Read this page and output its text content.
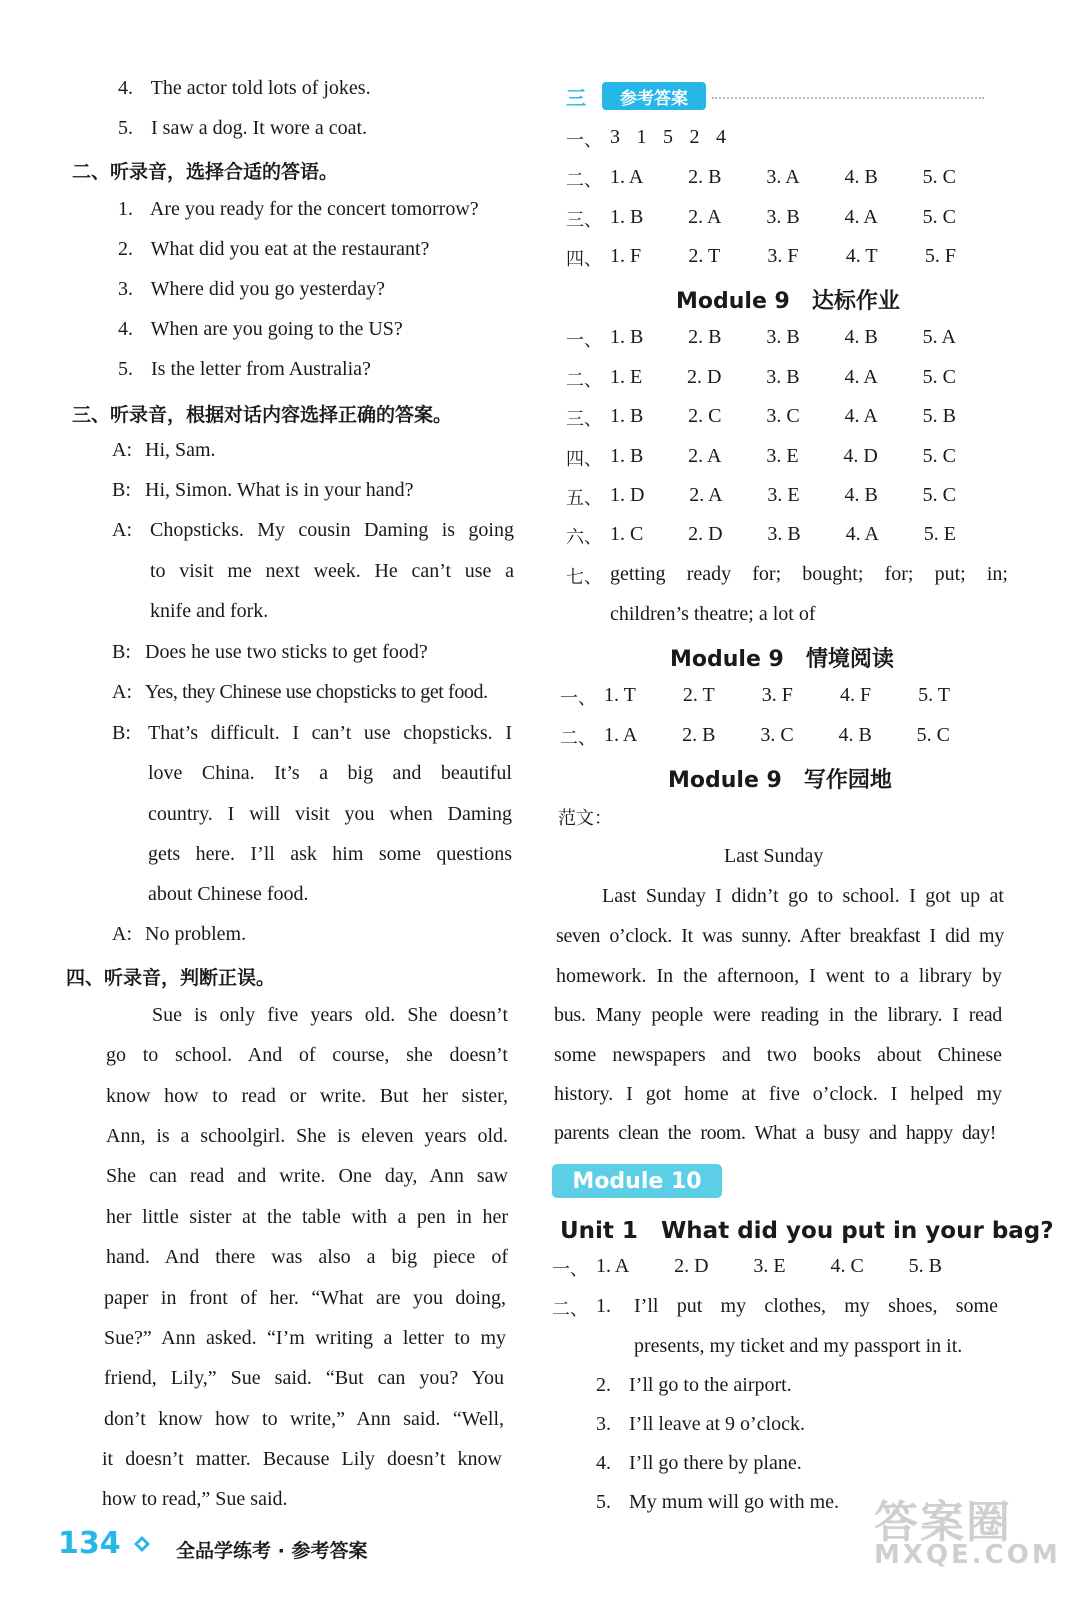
4. The actor told lots of jokes.
5. I saw a dog. It wore a coat.
二、听录音，选择合适的答语。
1. Are you ready for the concert tomorrow?
2. What did you eat at the restaurant?
3. Where did you go yesterday?
4. When are you going to the US?
5. Is the letter from Australia?
三、听录音，根据对话内容选择正确的答案。
A: Hi, Sam.
B: Hi, Simon. What is in your hand?
A: Chopsticks. My cousin Daming is going
to visit me next week. He can’t use a
knife and fork.
B: Does he use two sticks to get food?
A: Yes, they Chinese use chopsticks to get food.
B: That’s difficult. I can’t use chopsticks. I
love China. It’s a big and beautiful
country. I will visit you when Daming
gets here. I’ll ask him some questions
about Chinese food.
A: No problem.
四、听录音，判断正误。
Sue is only five years old. She doesn’t
go to school. And of course, she doesn’t
know how to read or write. But her sister,
Ann, is a schoolgirl. She is eleven years old.
She can read and write. One day, Ann saw
her little sister at the table with a pen in her
hand. And there was also a big piece of
paper in front of her. “What are you doing,
Sue?” Ann asked. “I’m writing a letter to my
friend, Lily,” Sue said. “But can you? You
don’t know how to write,” Ann said. “Well,
it doesn’t matter. Because Lily doesn’t know
how to read,” Sue said.
三	参考答案
一、 3 1 5 2 4
二、 1. A 2. B 3. A 4. B 5. C
三、 1. B 2. A 3. B 4. A 5. C
四、 1. F 2. T 3. F 4. T 5. F
Module 9　达标作业
一、 1. B 2. B 3. B 4. B 5. A
二、 1. E 2. D 3. B 4. A 5. C
三、 1. B 2. C 3. C 4. A 5. B
四、 1. B 2. A 3. E 4. D 5. C
五、 1. D 2. A 3. E 4. B 5. C
六、 1. C 2. D 3. B 4. A 5. E
七、 getting ready for; bought; for; put; in;
children’s theatre; a lot of
Module 9　情境阅读
一、 1. T 2. T 3. F 4. F 5. T
二、 1. A 2. B 3. C 4. B 5. C
Module 9　写作园地
范文：
Last Sunday
Last Sunday I didn’t go to school. I got up at
seven o’clock. It was sunny. After breakfast I did my
homework. In the afternoon, I went to a library by
bus. Many people were reading in the library. I read
some newspapers and two books about Chinese
history. I got home at five o’clock. I helped my
parents clean the room. What a busy and happy day!
Module 10
Unit 1　What did you put in your bag?
一、 1. A 2. D 3. E 4. C 5. B
二、 1. I’ll put my clothes, my shoes, some
presents, my ticket and my passport in it.
2. I’ll go to the airport.
3. I’ll leave at 9 o’clock.
4. I’ll go there by plane.
5. My mum will go with me. 答案圈
MXQE.COM
134	全品学练考 · 参考答案
